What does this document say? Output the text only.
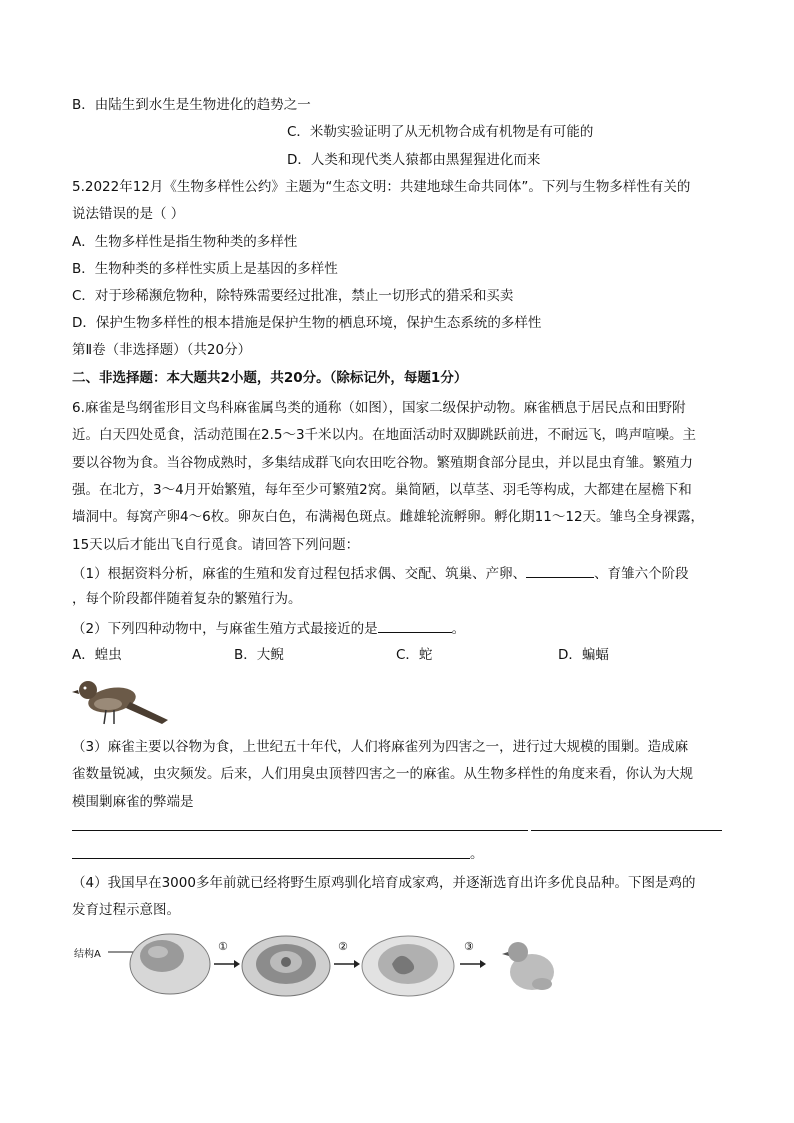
B．由陆生到水生是生物进化的趋势之一
C．米勒实验证明了从无机物合成有机物是有可能的
D．人类和现代类人猿都由黑猩猩进化而来
5.2022年12月《生物多样性公约》主题为“生态文明：共建地球生命共同体”。下列与生物多样性有关的
说法错误的是（ ）
A．生物多样性是指生物种类的多样性
B．生物种类的多样性实质上是基因的多样性
C．对于珍稀濒危物种，除特殊需要经过批准，禁止一切形式的猎采和买卖
D．保护生物多样性的根本措施是保护生物的栖息环境，保护生态系统的多样性
第Ⅱ卷（非选择题）（共20分）
二、非选择题：本大题共2小题，共20分。（除标记外，每题1分）
6.麻雀是鸟纲雀形目文鸟科麻雀属鸟类的通称（如图），国家二级保护动物。麻雀栖息于居民点和田野附
近。白天四处觅食，活动范围在2.5～3千米以内。在地面活动时双脚跳跃前进，不耐远飞，鸣声喧噪。主
要以谷物为食。当谷物成熟时，多集结成群飞向农田吃谷物。繁殖期食部分昆虫，并以昆虫育雏。繁殖力
强。在北方，3～4月开始繁殖，每年至少可繁殖2窝。巢简陋，以草茎、羽毛等构成，大都建在屋檐下和
墙洞中。每窝产卵4～6枚。卵灰白色，布满褐色斑点。雌雄轮流孵卵。孵化期11～12天。雏鸟全身裸露，
15天以后才能出飞自行觅食。请回答下列问题：
（1）根据资料分析，麻雀的生殖和发育过程包括求偶、交配、筑巢、产卵、	、育雏六个阶段
，每个阶段都伴随着复杂的繁殖行为。
（2）下列四种动物中，与麻雀生殖方式最接近的是	。
A．蝗虫	B．大鲵	C．蛇	D．蝙蝠
（3）麻雀主要以谷物为食，上世纪五十年代，人们将麻雀列为四害之一，进行过大规模的围剿。造成麻
雀数量锐减，虫灾频发。后来，人们用臭虫顶替四害之一的麻雀。从生物多样性的角度来看，你认为大规
模围剿麻雀的弊端是
。
（4）我国早在3000多年前就已经将野生原鸡驯化培育成家鸡，并逐渐选育出许多优良品种。下图是鸡的
发育过程示意图。
结构A
①	②	③
